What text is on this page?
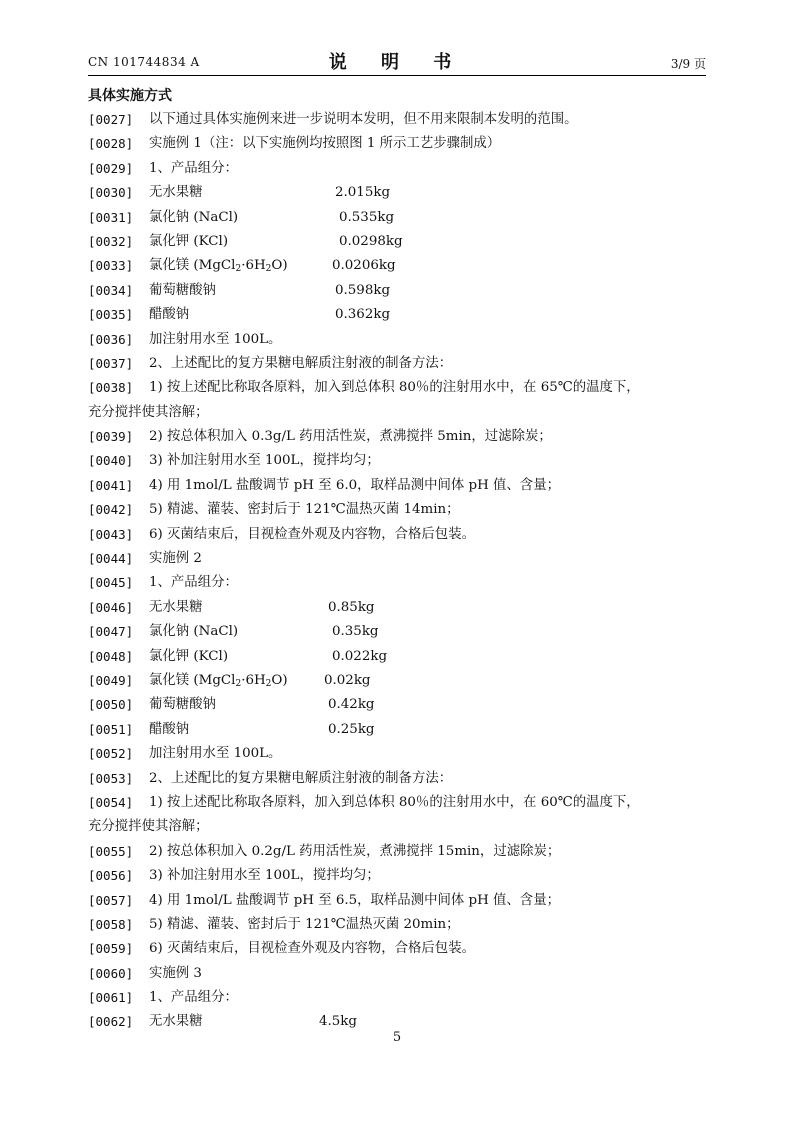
CN 101744834 A	说 明 书	3/9 页
具体实施方式
[0027] 以下通过具体实施例来进一步说明本发明，但不用来限制本发明的范围。
[0028] 实施例 1（注：以下实施例均按照图 1 所示工艺步骤制成）
[0029] 1、产品组分：
[0030] 无水果糖	2.015kg
[0031] 氯化钠 (NaCl)	0.535kg
[0032] 氯化钾 (KCl)	0.0298kg
[0033] 氯化镁 $(MgCl_2\cdot 6H_2O)$	0.0206kg
[0034] 葡萄糖酸钠	0.598kg
[0035] 醋酸钠	0.362kg
[0036] 加注射用水至 100L。
[0037] 2、上述配比的复方果糖电解质注射液的制备方法：
[0038] 1) 按上述配比称取各原料，加入到总体积 80％的注射用水中，在 65℃的温度下，
充分搅拌使其溶解；
[0039] 2) 按总体积加入 0.3g/L 药用活性炭，煮沸搅拌 5min，过滤除炭；
[0040] 3) 补加注射用水至 100L，搅拌均匀；
[0041] 4) 用 1mol/L 盐酸调节 pH 至 6.0，取样品测中间体 pH 值、含量；
[0042] 5) 精滤、灌装、密封后于 121℃温热灭菌 14min；
[0043] 6) 灭菌结束后，目视检查外观及内容物，合格后包装。
[0044] 实施例 2
[0045] 1、产品组分：
[0046] 无水果糖	0.85kg
[0047] 氯化钠 (NaCl)	0.35kg
[0048] 氯化钾 (KCl)	0.022kg
[0049] 氯化镁 $(MgCl_2\cdot 6H_2O)$	0.02kg
[0050] 葡萄糖酸钠	0.42kg
[0051] 醋酸钠	0.25kg
[0052] 加注射用水至 100L。
[0053] 2、上述配比的复方果糖电解质注射液的制备方法：
[0054] 1) 按上述配比称取各原料，加入到总体积 80％的注射用水中，在 60℃的温度下，
充分搅拌使其溶解；
[0055] 2) 按总体积加入 0.2g/L 药用活性炭，煮沸搅拌 15min，过滤除炭；
[0056] 3) 补加注射用水至 100L，搅拌均匀；
[0057] 4) 用 1mol/L 盐酸调节 pH 至 6.5，取样品测中间体 pH 值、含量；
[0058] 5) 精滤、灌装、密封后于 121℃温热灭菌 20min；
[0059] 6) 灭菌结束后，目视检查外观及内容物，合格后包装。
[0060] 实施例 3
[0061] 1、产品组分：
[0062] 无水果糖	4.5kg
5
